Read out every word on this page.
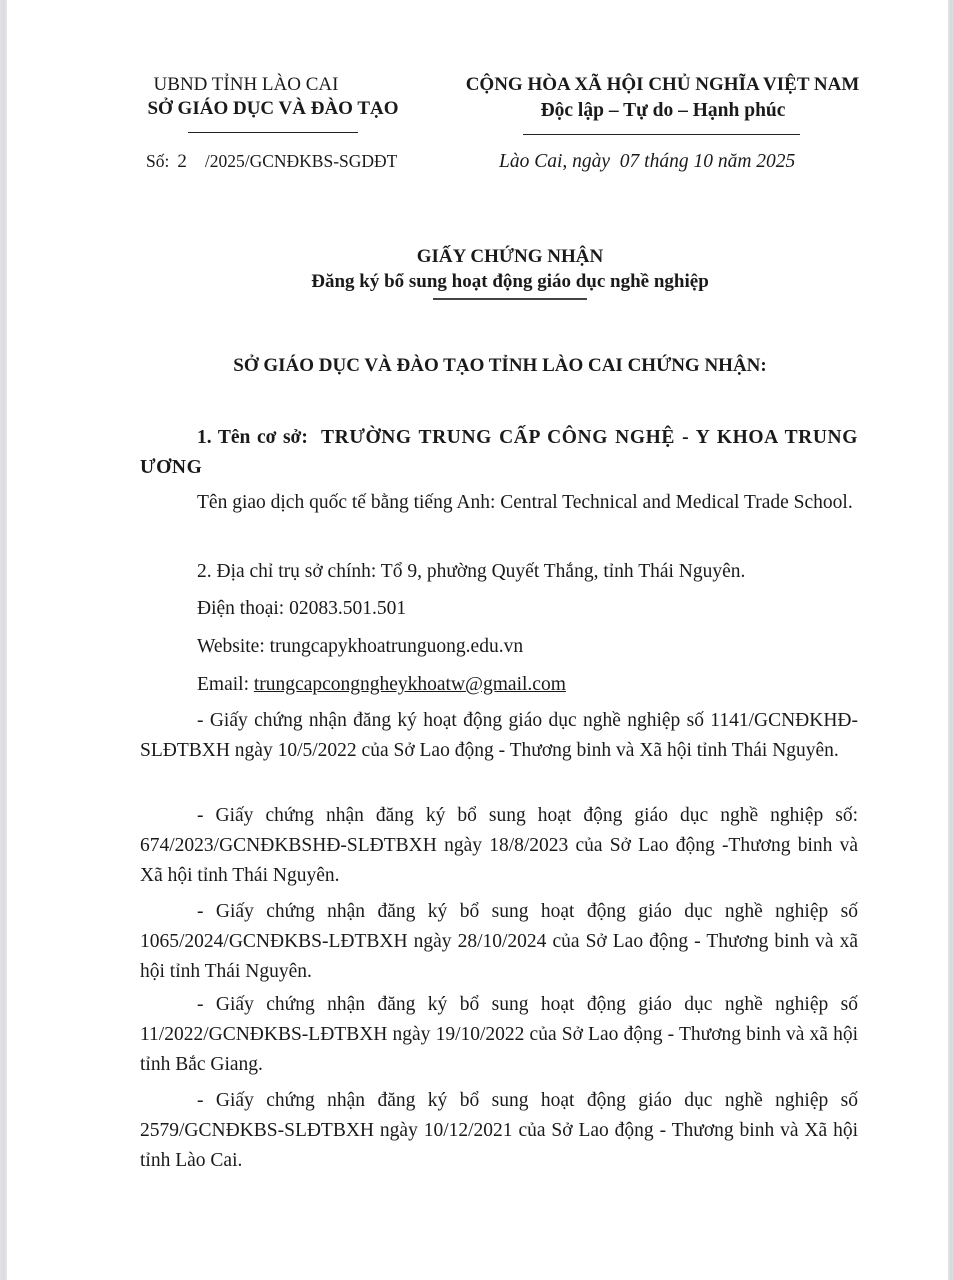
UBND TỈNH LÀO CAI
SỞ GIÁO DỤC VÀ ĐÀO TẠO
CỘNG HÒA XÃ HỘI CHỦ NGHĨA VIỆT NAM
Độc lập – Tự do – Hạnh phúc
Số: 2 /2025/GCNĐKBS-SGDĐT	Lào Cai, ngày  07 tháng 10 năm 2025
GIẤY CHỨNG NHẬN
Đăng ký bổ sung hoạt động giáo dục nghề nghiệp
SỞ GIÁO DỤC VÀ ĐÀO TẠO TỈNH LÀO CAI CHỨNG NHẬN:
1. Tên cơ sở: TRƯỜNG TRUNG CẤP CÔNG NGHỆ - Y KHOA TRUNG ƯƠNG
Tên giao dịch quốc tế bằng tiếng Anh: Central Technical and Medical Trade School.
2. Địa chỉ trụ sở chính: Tổ 9, phường Quyết Thắng, tỉnh Thái Nguyên.
Điện thoại: 02083.501.501
Website: trungcapykhoatrunguong.edu.vn
Email: trungcapcongngheykhoatw@gmail.com
- Giấy chứng nhận đăng ký hoạt động giáo dục nghề nghiệp số 1141/GCNĐKHĐ-SLĐTBXH ngày 10/5/2022 của Sở Lao động - Thương binh và Xã hội tỉnh Thái Nguyên.
- Giấy chứng nhận đăng ký bổ sung hoạt động giáo dục nghề nghiệp số: 674/2023/GCNĐKBSHĐ-SLĐTBXH ngày 18/8/2023 của Sở Lao động -Thương binh và Xã hội tỉnh Thái Nguyên.
- Giấy chứng nhận đăng ký bổ sung hoạt động giáo dục nghề nghiệp số 1065/2024/GCNĐKBS-LĐTBXH ngày 28/10/2024 của Sở Lao động - Thương binh và xã hội tỉnh Thái Nguyên.
- Giấy chứng nhận đăng ký bổ sung hoạt động giáo dục nghề nghiệp số 11/2022/GCNĐKBS-LĐTBXH ngày 19/10/2022 của Sở Lao động - Thương binh và xã hội tỉnh Bắc Giang.
- Giấy chứng nhận đăng ký bổ sung hoạt động giáo dục nghề nghiệp số 2579/GCNĐKBS-SLĐTBXH ngày 10/12/2021 của Sở Lao động - Thương binh và Xã hội tỉnh Lào Cai.
